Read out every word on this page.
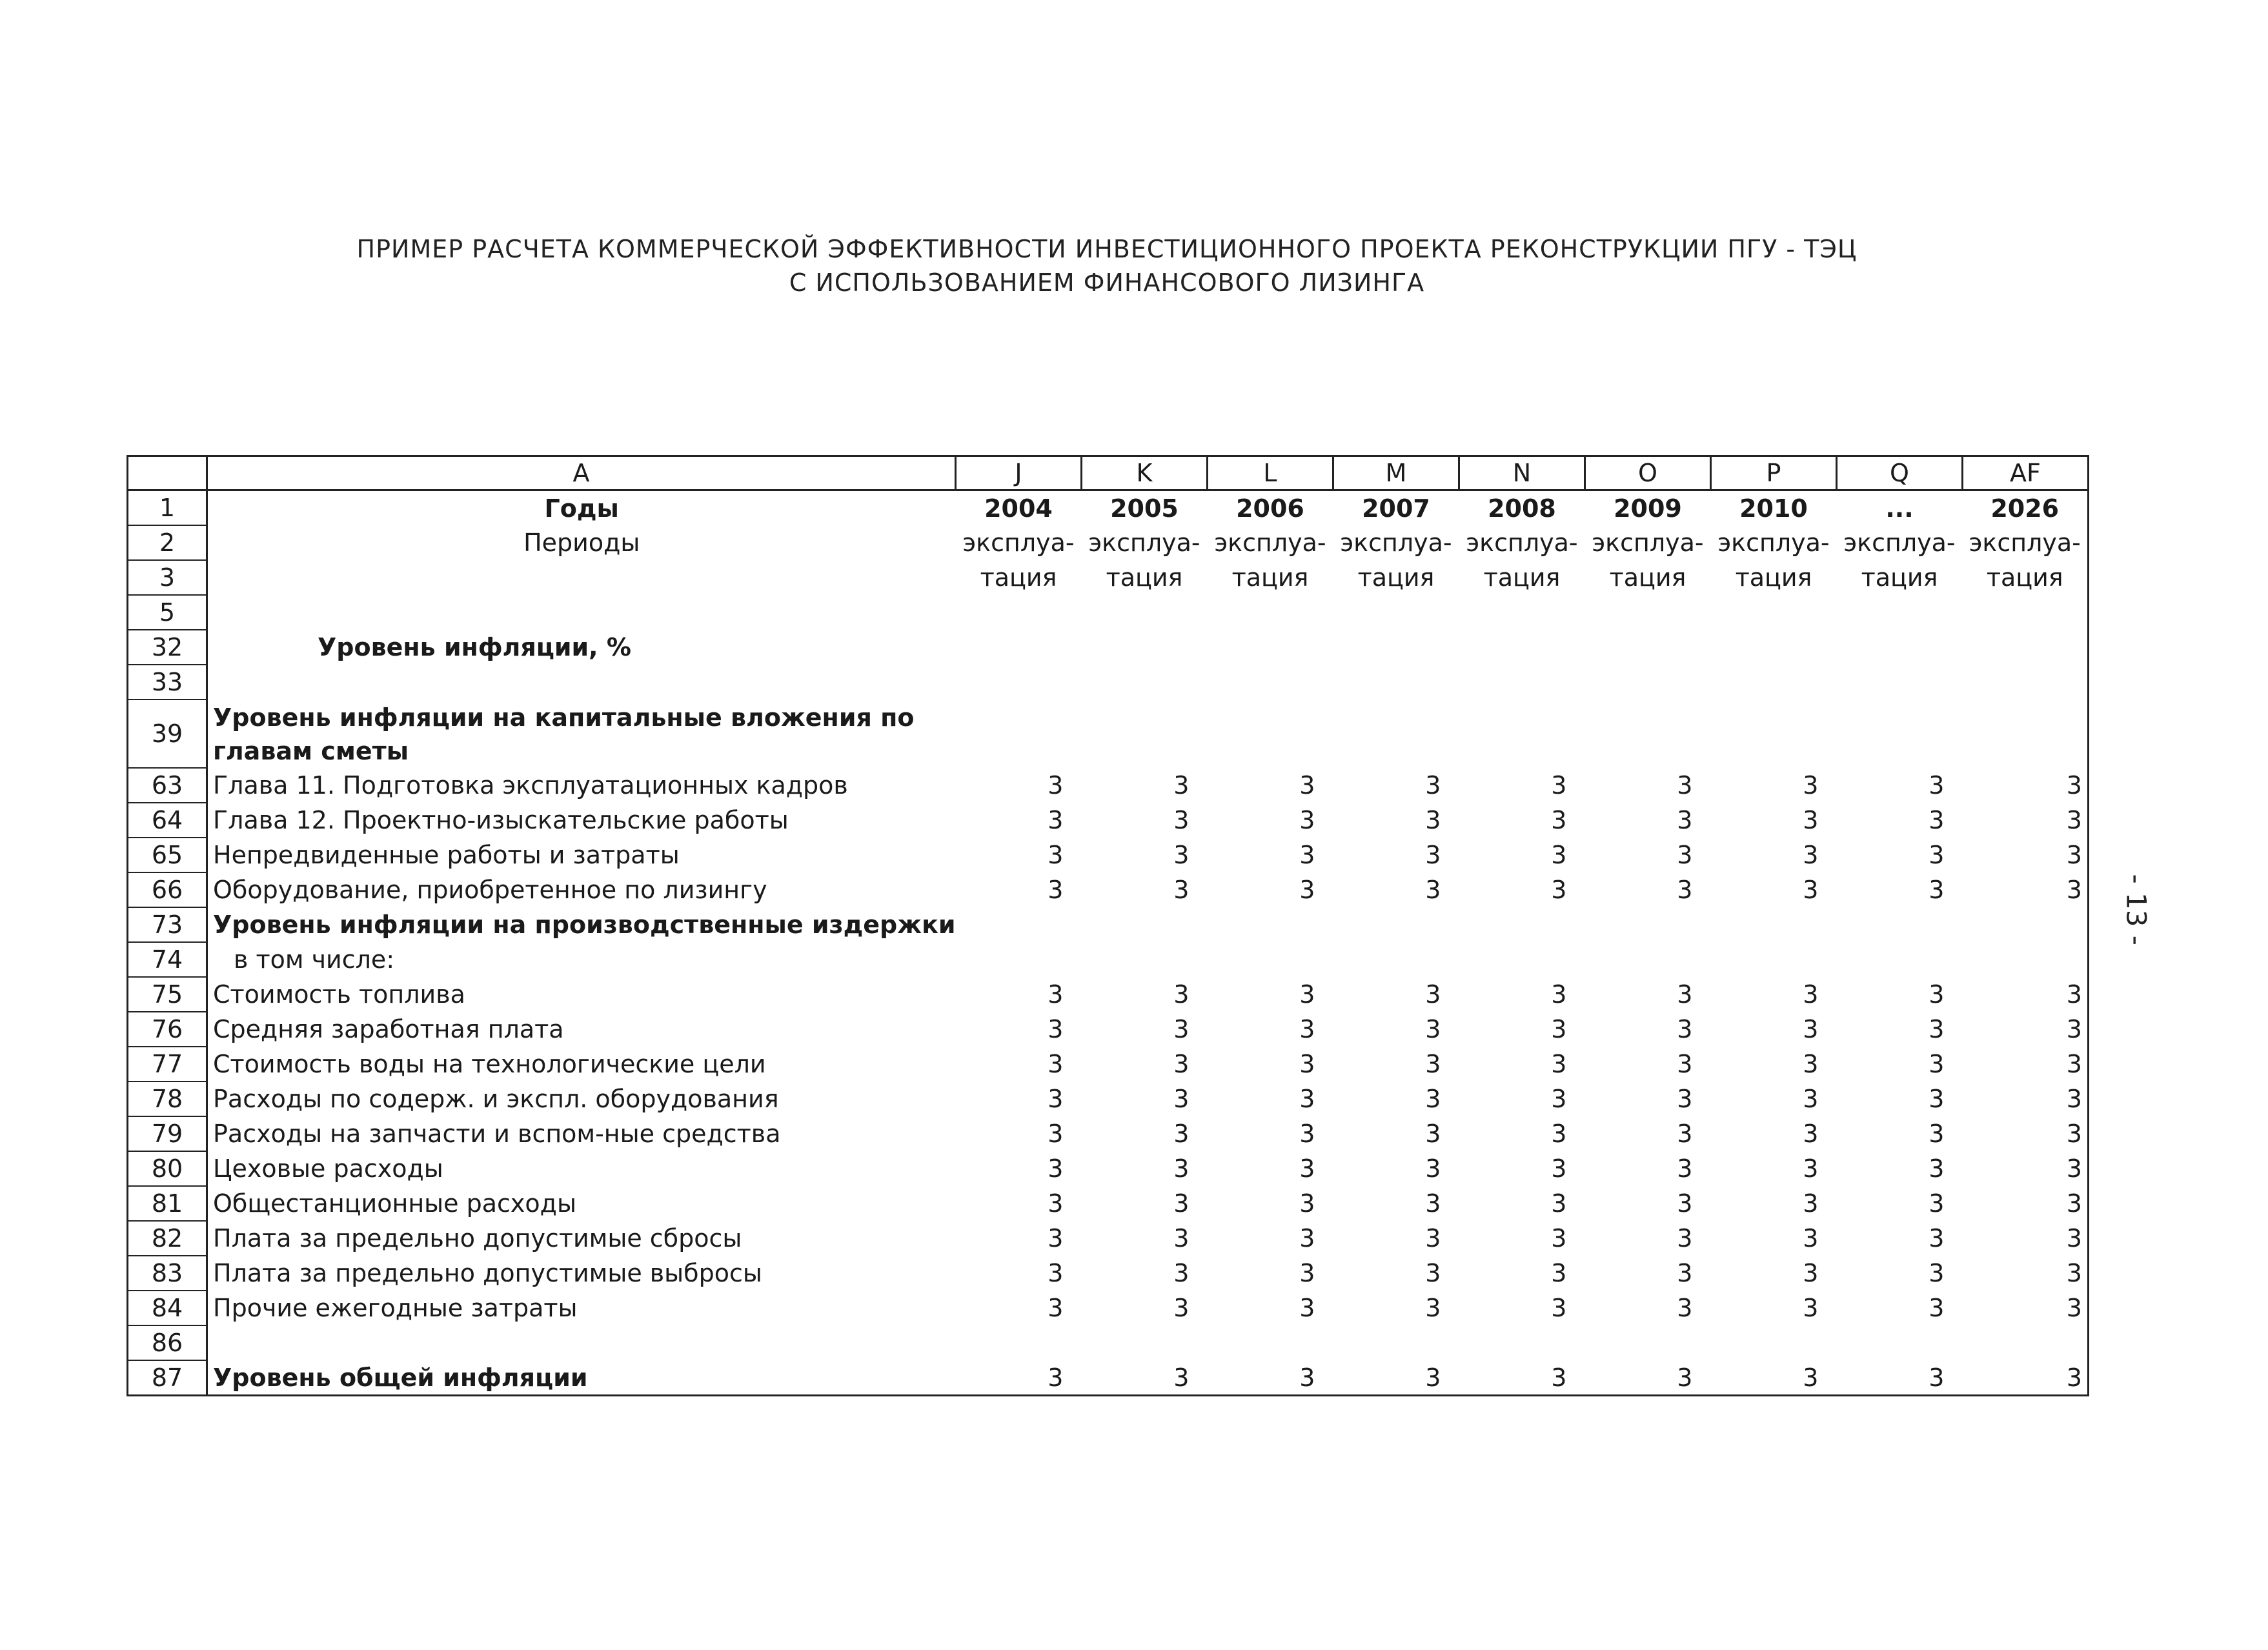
ПРИМЕР РАСЧЕТА КОММЕРЧЕСКОЙ ЭФФЕКТИВНОСТИ ИНВЕСТИЦИОННОГО ПРОЕКТА РЕКОНСТРУКЦИИ ПГУ - ТЭЦ
С ИСПОЛЬЗОВАНИЕМ ФИНАНСОВОГО ЛИЗИНГА
- 13 -
	A	J	K	L	M	N	O	P	Q	AF
1	Годы	2004	2005	2006	2007	2008	2009	2010	...	2026
2	Периоды	эксплуа-	эксплуа-	эксплуа-	эксплуа-	эксплуа-	эксплуа-	эксплуа-	эксплуа-	эксплуа-
3		тация	тация	тация	тация	тация	тация	тация	тация	тация
5										
32	Уровень инфляции, %									
33										
39	Уровень инфляции на капитальные вложения по главам сметы									
63	Глава 11. Подготовка эксплуатационных кадров	3	3	3	3	3	3	3	3	3
64	Глава 12. Проектно-изыскательские работы	3	3	3	3	3	3	3	3	3
65	Непредвиденные работы и затраты	3	3	3	3	3	3	3	3	3
66	Оборудование, приобретенное по лизингу	3	3	3	3	3	3	3	3	3
73	Уровень инфляции на производственные издержки									
74	в том числе:									
75	Стоимость топлива	3	3	3	3	3	3	3	3	3
76	Средняя заработная плата	3	3	3	3	3	3	3	3	3
77	Стоимость воды на технологические цели	3	3	3	3	3	3	3	3	3
78	Расходы по содерж. и экспл. оборудования	3	3	3	3	3	3	3	3	3
79	Расходы на запчасти и вспом-ные средства	3	3	3	3	3	3	3	3	3
80	Цеховые расходы	3	3	3	3	3	3	3	3	3
81	Общестанционные расходы	3	3	3	3	3	3	3	3	3
82	Плата за предельно допустимые сбросы	3	3	3	3	3	3	3	3	3
83	Плата за предельно допустимые выбросы	3	3	3	3	3	3	3	3	3
84	Прочие ежегодные затраты	3	3	3	3	3	3	3	3	3
86										
87	Уровень общей инфляции	3	3	3	3	3	3	3	3	3
